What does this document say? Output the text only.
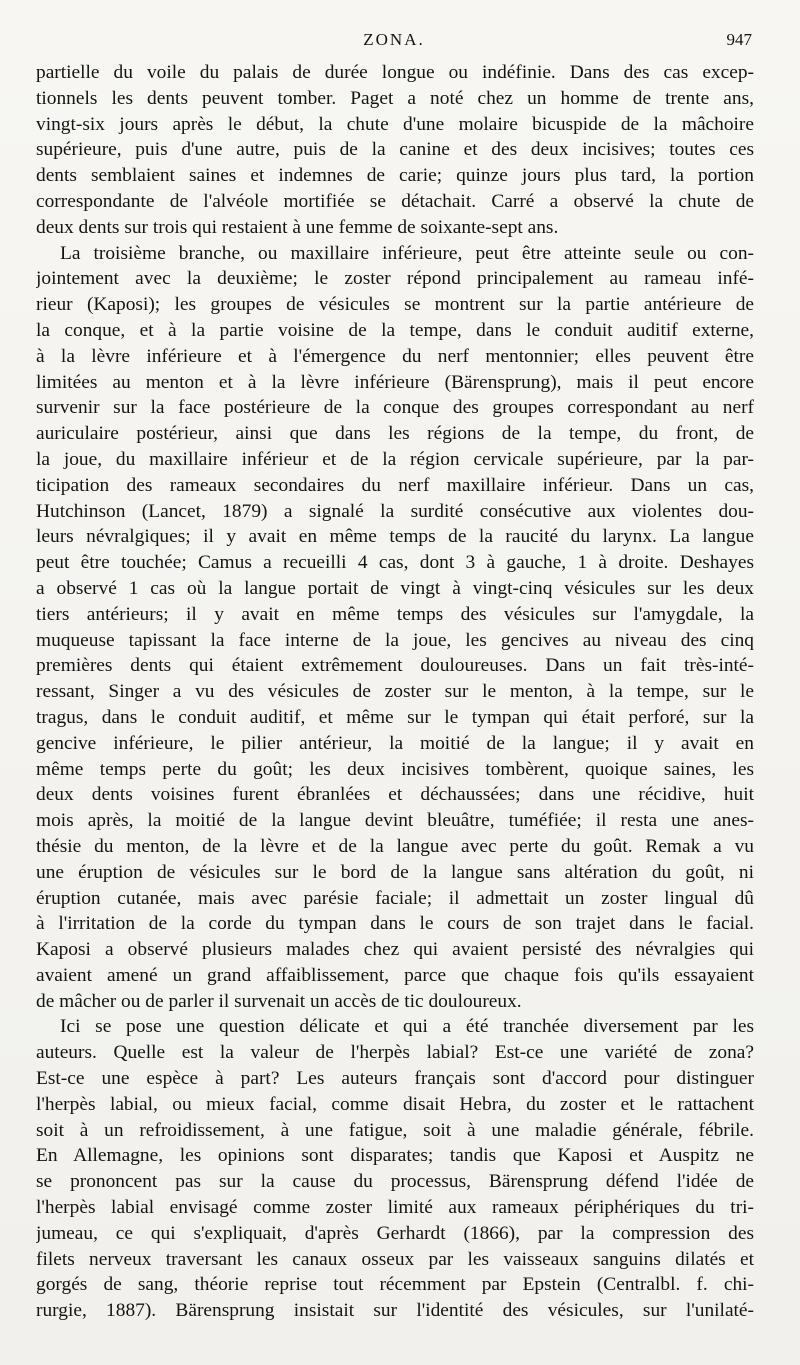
ZONA.	947
partielle du voile du palais de durée longue ou indéfinie. Dans des cas excep-
tionnels les dents peuvent tomber. Paget a noté chez un homme de trente ans,
vingt-six jours après le début, la chute d'une molaire bicuspide de la mâchoire
supérieure, puis d'une autre, puis de la canine et des deux incisives; toutes ces
dents semblaient saines et indemnes de carie; quinze jours plus tard, la portion
correspondante de l'alvéole mortifiée se détachait. Carré a observé la chute de
deux dents sur trois qui restaient à une femme de soixante-sept ans.
La troisième branche, ou maxillaire inférieure, peut être atteinte seule ou con-
jointement avec la deuxième; le zoster répond principalement au rameau infé-
rieur (Kaposi); les groupes de vésicules se montrent sur la partie antérieure de
la conque, et à la partie voisine de la tempe, dans le conduit auditif externe,
à la lèvre inférieure et à l'émergence du nerf mentonnier; elles peuvent être
limitées au menton et à la lèvre inférieure (Bärensprung), mais il peut encore
survenir sur la face postérieure de la conque des groupes correspondant au nerf
auriculaire postérieur, ainsi que dans les régions de la tempe, du front, de
la joue, du maxillaire inférieur et de la région cervicale supérieure, par la par-
ticipation des rameaux secondaires du nerf maxillaire inférieur. Dans un cas,
Hutchinson (Lancet, 1879) a signalé la surdité consécutive aux violentes dou-
leurs névralgiques; il y avait en même temps de la raucité du larynx. La langue
peut être touchée; Camus a recueilli 4 cas, dont 3 à gauche, 1 à droite. Deshayes
a observé 1 cas où la langue portait de vingt à vingt-cinq vésicules sur les deux
tiers antérieurs; il y avait en même temps des vésicules sur l'amygdale, la
muqueuse tapissant la face interne de la joue, les gencives au niveau des cinq
premières dents qui étaient extrêmement douloureuses. Dans un fait très-inté-
ressant, Singer a vu des vésicules de zoster sur le menton, à la tempe, sur le
tragus, dans le conduit auditif, et même sur le tympan qui était perforé, sur la
gencive inférieure, le pilier antérieur, la moitié de la langue; il y avait en
même temps perte du goût; les deux incisives tombèrent, quoique saines, les
deux dents voisines furent ébranlées et déchaussées; dans une récidive, huit
mois après, la moitié de la langue devint bleuâtre, tuméfiée; il resta une anes-
thésie du menton, de la lèvre et de la langue avec perte du goût. Remak a vu
une éruption de vésicules sur le bord de la langue sans altération du goût, ni
éruption cutanée, mais avec parésie faciale; il admettait un zoster lingual dû
à l'irritation de la corde du tympan dans le cours de son trajet dans le facial.
Kaposi a observé plusieurs malades chez qui avaient persisté des névralgies qui
avaient amené un grand affaiblissement, parce que chaque fois qu'ils essayaient
de mâcher ou de parler il survenait un accès de tic douloureux.
Ici se pose une question délicate et qui a été tranchée diversement par les
auteurs. Quelle est la valeur de l'herpès labial? Est-ce une variété de zona?
Est-ce une espèce à part? Les auteurs français sont d'accord pour distinguer
l'herpès labial, ou mieux facial, comme disait Hebra, du zoster et le rattachent
soit à un refroidissement, à une fatigue, soit à une maladie générale, fébrile.
En Allemagne, les opinions sont disparates; tandis que Kaposi et Auspitz ne
se prononcent pas sur la cause du processus, Bärensprung défend l'idée de
l'herpès labial envisagé comme zoster limité aux rameaux périphériques du tri-
jumeau, ce qui s'expliquait, d'après Gerhardt (1866), par la compression des
filets nerveux traversant les canaux osseux par les vaisseaux sanguins dilatés et
gorgés de sang, théorie reprise tout récemment par Epstein (Centralbl. f. chi-
rurgie, 1887). Bärensprung insistait sur l'identité des vésicules, sur l'unilaté-
